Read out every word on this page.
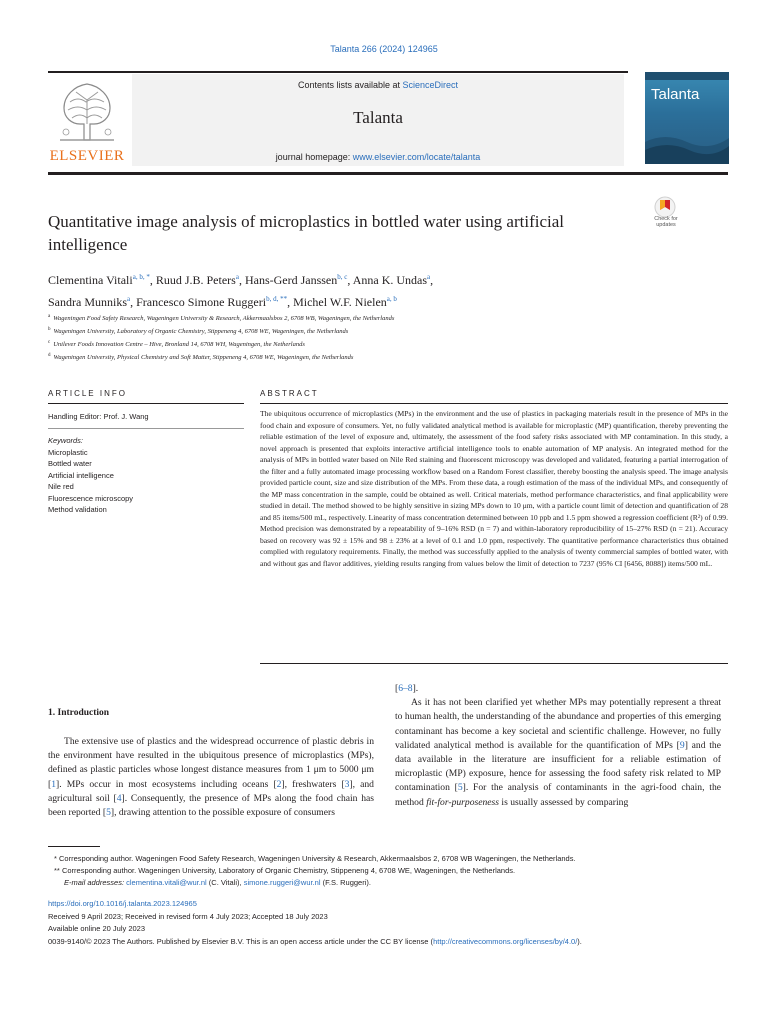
Talanta 266 (2024) 124965
ELSEVIER
Contents lists available at ScienceDirect
Talanta
journal homepage: www.elsevier.com/locate/talanta
Talanta
Quantitative image analysis of microplastics in bottled water using artificial intelligence
Check for updates
Clementina Vitali$^{a, b, *}$, Ruud J.B. Peters$^a$, Hans-Gerd Janssen$^{b, c}$, Anna K. Undas$^a$,
Sandra Munniks$^a$, Francesco Simone Ruggeri$^{b, d, **}$, Michel W.F. Nielen$^{a, b}$
$^a$ Wageningen Food Safety Research, Wageningen University & Research, Akkermaalsbos 2, 6708 WB, Wageningen, the Netherlands
$^b$ Wageningen University, Laboratory of Organic Chemistry, Stippeneng 4, 6708 WE, Wageningen, the Netherlands
$^c$ Unilever Foods Innovation Centre – Hive, Bronland 14, 6708 WH, Wageningen, the Netherlands
$^d$ Wageningen University, Physical Chemistry and Soft Matter, Stippeneng 4, 6708 WE, Wageningen, the Netherlands
ARTICLE INFO	ABSTRACT
Handling Editor: Prof. J. Wang
Keywords:
Microplastic
Bottled water
Artificial intelligence
Nile red
Fluorescence microscopy
Method validation
The ubiquitous occurrence of microplastics (MPs) in the environment and the use of plastics in packaging materials result in the presence of MPs in the food chain and exposure of consumers. Yet, no fully validated analytical method is available for microplastic (MP) quantification, thereby preventing the reliable estimation of the level of exposure and, ultimately, the assessment of the food safety risks associated with MP contamination. In this study, a novel approach is presented that exploits interactive artificial intelligence tools to enable automation of MP analysis. An integrated method for the analysis of MPs in bottled water based on Nile Red staining and fluorescent microscopy was developed and validated, featuring a partial interrogation of the filter and a fully automated image processing workflow based on a Random Forest classifier, thereby boosting the analysis speed. The image analysis provided particle count, size and size distribution of the MPs. From these data, a rough estimation of the mass of the individual MPs, and consequently of the MP mass concentration in the sample, could be obtained as well. Critical materials, method performance characteristics, and final applicability were studied in detail. The method showed to be highly sensitive in sizing MPs down to 10 μm, with a particle count limit of detection and quantification of 28 and 85 items/500 mL, respectively. Linearity of mass concentration determined between 10 ppb and 1.5 ppm showed a regression coefficient (R²) of 0.99. Method precision was demonstrated by a repeatability of 9–16% RSD (n = 7) and within-laboratory reproducibility of 15–27% RSD (n = 21). Accuracy based on recovery was 92 ± 15% and 98 ± 23% at a level of 0.1 and 1.0 ppm, respectively. The quantitative performance characteristics thus obtained complied with regulatory requirements. Finally, the method was successfully applied to the analysis of twenty commercial samples of bottled water, with and without gas and flavor additives, yielding results ranging from values below the limit of detection to 7237 (95% CI [6456, 8088]) items/500 mL.
1. Introduction

The extensive use of plastics and the widespread occurrence of plastic debris in the environment have resulted in the ubiquitous presence of microplastics (MPs), defined as plastic particles whose longest distance measures from 1 μm to 5000 μm [1]. MPs occur in most ecosystems including oceans [2], freshwaters [3], and agricultural soil [4]. Consequently, the presence of MPs along the food chain has been reported [5], drawing attention to the possible exposure of consumers

[6–8].

As it has not been clarified yet whether MPs may potentially represent a threat to human health, the understanding of the abundance and properties of this emerging contaminant has become a key societal and scientific challenge. However, no fully validated analytical method is available for the quantification of MPs [9] and the data available in the literature are insufficient for a reliable estimation of microplastic (MP) exposure, hence for assessing the food safety risk related to MP contamination [5]. For the analysis of contaminants in the agri-food chain, the method fit-for-purposeness is usually assessed by comparing

* Corresponding author. Wageningen Food Safety Research, Wageningen University & Research, Akkermaalsbos 2, 6708 WB Wageningen, the Netherlands.
** Corresponding author. Wageningen University, Laboratory of Organic Chemistry, Stippeneng 4, 6708 WE, Wageningen, the Netherlands.
E-mail addresses: clementina.vitali@wur.nl (C. Vitali), simone.ruggeri@wur.nl (F.S. Ruggeri).
https://doi.org/10.1016/j.talanta.2023.124965
Received 9 April 2023; Received in revised form 4 July 2023; Accepted 18 July 2023
Available online 20 July 2023
0039-9140/© 2023 The Authors. Published by Elsevier B.V. This is an open access article under the CC BY license (http://creativecommons.org/licenses/by/4.0/).
